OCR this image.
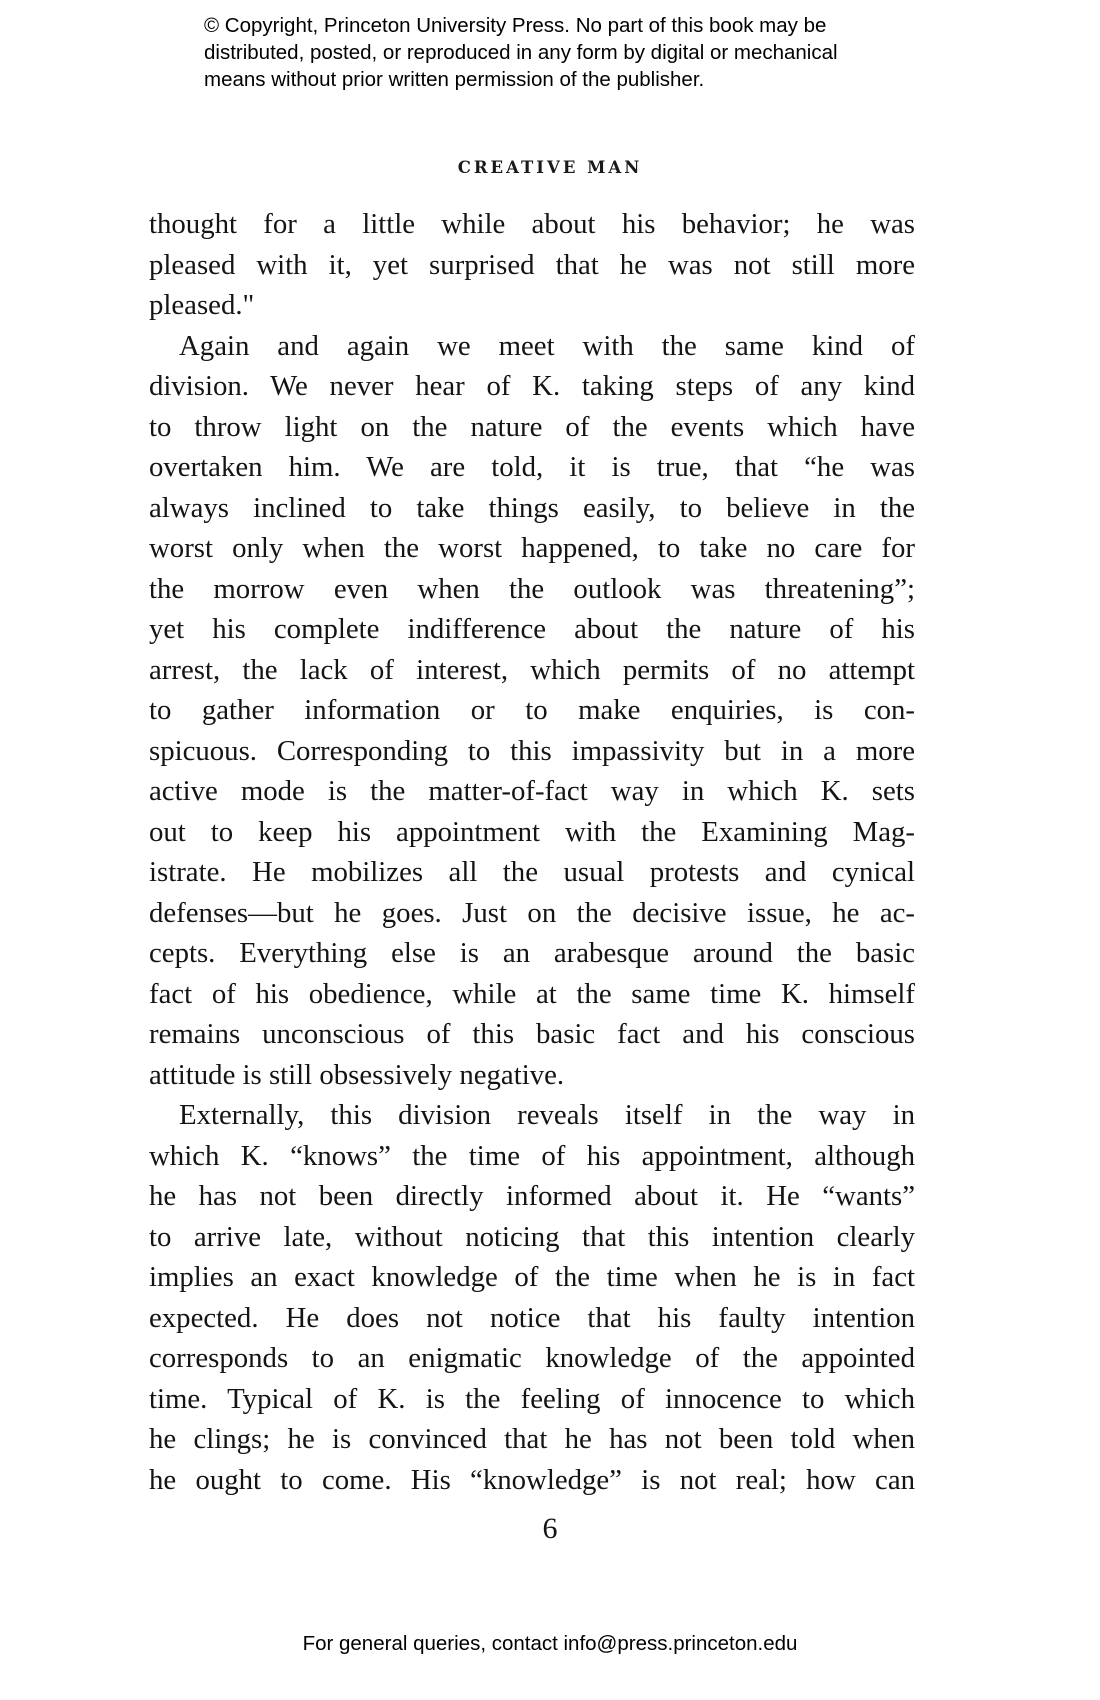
© Copyright, Princeton University Press. No part of this book may be
distributed, posted, or reproduced in any form by digital or mechanical
means without prior written permission of the publisher.
CREATIVE MAN
thought for a little while about his behavior; he was
pleased with it, yet surprised that he was not still more
pleased."
Again and again we meet with the same kind of
division. We never hear of K. taking steps of any kind
to throw light on the nature of the events which have
overtaken him. We are told, it is true, that “he was
always inclined to take things easily, to believe in the
worst only when the worst happened, to take no care for
the morrow even when the outlook was threatening”;
yet his complete indifference about the nature of his
arrest, the lack of interest, which permits of no attempt
to gather information or to make enquiries, is con-
spicuous. Corresponding to this impassivity but in a more
active mode is the matter-of-fact way in which K. sets
out to keep his appointment with the Examining Mag-
istrate. He mobilizes all the usual protests and cynical
defenses—but he goes. Just on the decisive issue, he ac-
cepts. Everything else is an arabesque around the basic
fact of his obedience, while at the same time K. himself
remains unconscious of this basic fact and his conscious
attitude is still obsessively negative.
Externally, this division reveals itself in the way in
which K. “knows” the time of his appointment, although
he has not been directly informed about it. He “wants”
to arrive late, without noticing that this intention clearly
implies an exact knowledge of the time when he is in fact
expected. He does not notice that his faulty intention
corresponds to an enigmatic knowledge of the appointed
time. Typical of K. is the feeling of innocence to which
he clings; he is convinced that he has not been told when
he ought to come. His “knowledge” is not real; how can
6
For general queries, contact info@press.princeton.edu
